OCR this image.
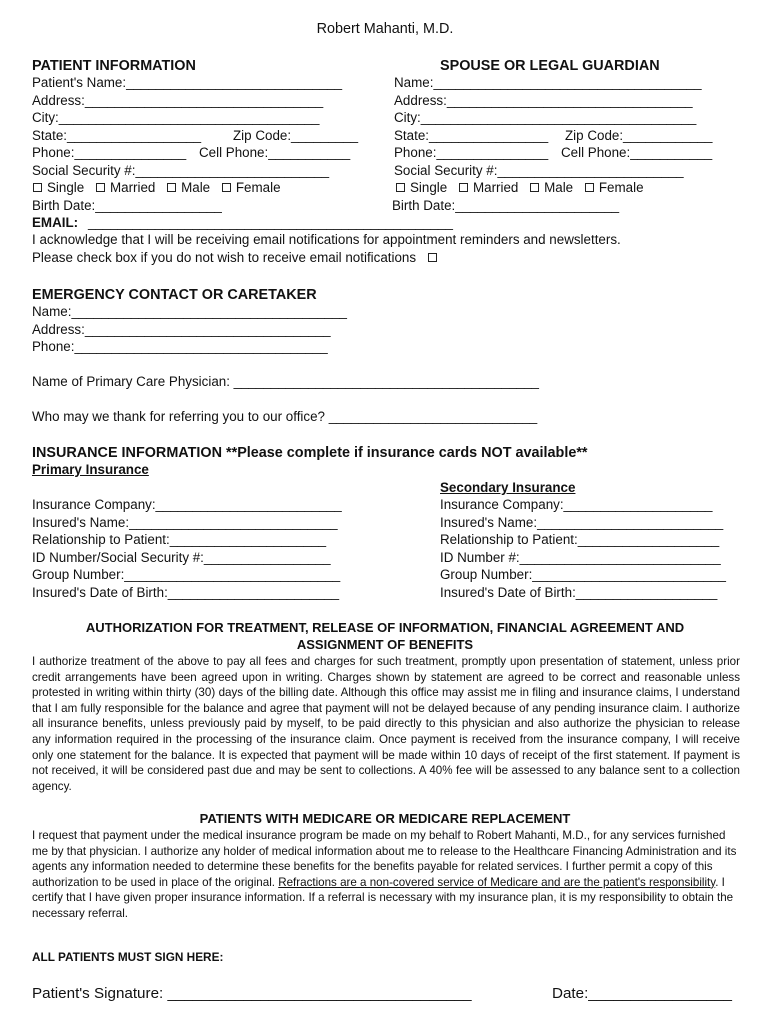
Robert Mahanti, M.D.
PATIENT INFORMATION
Patient's Name:_____________________________
Address:________________________________
City:___________________________________
State:__________________ Zip Code:_________
Phone:_______________ Cell Phone:___________
Social Security #:__________________________
Single Married Male Female
Birth Date:_________________
EMAIL: _________________________________________________
I acknowledge that I will be receiving email notifications for appointment reminders and newsletters.
Please check box if you do not wish to receive email notifications
SPOUSE OR LEGAL GUARDIAN
Name:____________________________________
Address:_________________________________
City:_____________________________________
State:________________ Zip Code:____________
Phone:_______________ Cell Phone:___________
Social Security #:_________________________
Single Married Male Female
Birth Date:______________________
EMERGENCY CONTACT OR CARETAKER
Name:_____________________________________
Address:_________________________________
Phone:__________________________________
Name of Primary Care Physician: _________________________________________
Who may we thank for referring you to our office? ____________________________
INSURANCE INFORMATION **Please complete if insurance cards NOT available**
Primary Insurance
Insurance Company:_________________________
Insured's Name:____________________________
Relationship to Patient:_____________________
ID Number/Social Security #:_________________
Group Number:_____________________________
Insured's Date of Birth:_______________________
Secondary Insurance
Insurance Company:____________________
Insured's Name:_________________________
Relationship to Patient:___________________
ID Number #:___________________________
Group Number:__________________________
Insured's Date of Birth:___________________
AUTHORIZATION FOR TREATMENT, RELEASE OF INFORMATION, FINANCIAL AGREEMENT AND
ASSIGNMENT OF BENEFITS
I authorize treatment of the above to pay all fees and charges for such treatment, promptly upon presentation of statement, unless prior credit arrangements have been agreed upon in writing. Charges shown by statement are agreed to be correct and reasonable unless protested in writing within thirty (30) days of the billing date. Although this office may assist me in filing and insurance claims, I understand that I am fully responsible for the balance and agree that payment will not be delayed because of any pending insurance claim. I authorize all insurance benefits, unless previously paid by myself, to be paid directly to this physician and also authorize the physician to release any information required in the processing of the insurance claim. Once payment is received from the insurance company, I will receive only one statement for the balance. It is expected that payment will be made within 10 days of receipt of the first statement. If payment is not received, it will be considered past due and may be sent to collections. A 40% fee will be assessed to any balance sent to a collection agency.
PATIENTS WITH MEDICARE OR MEDICARE REPLACEMENT
I request that payment under the medical insurance program be made on my behalf to Robert Mahanti, M.D., for any services furnished me by that physician. I authorize any holder of medical information about me to release to the Healthcare Financing Administration and its agents any information needed to determine these benefits for the benefits payable for related services. I further permit a copy of this authorization to be used in place of the original. Refractions are a non-covered service of Medicare and are the patient's responsibility. I certify that I have given proper insurance information. If a referral is necessary with my insurance plan, it is my responsibility to obtain the necessary referral.
ALL PATIENTS MUST SIGN HERE:
Patient's Signature: ____________________________________	Date:_________________
